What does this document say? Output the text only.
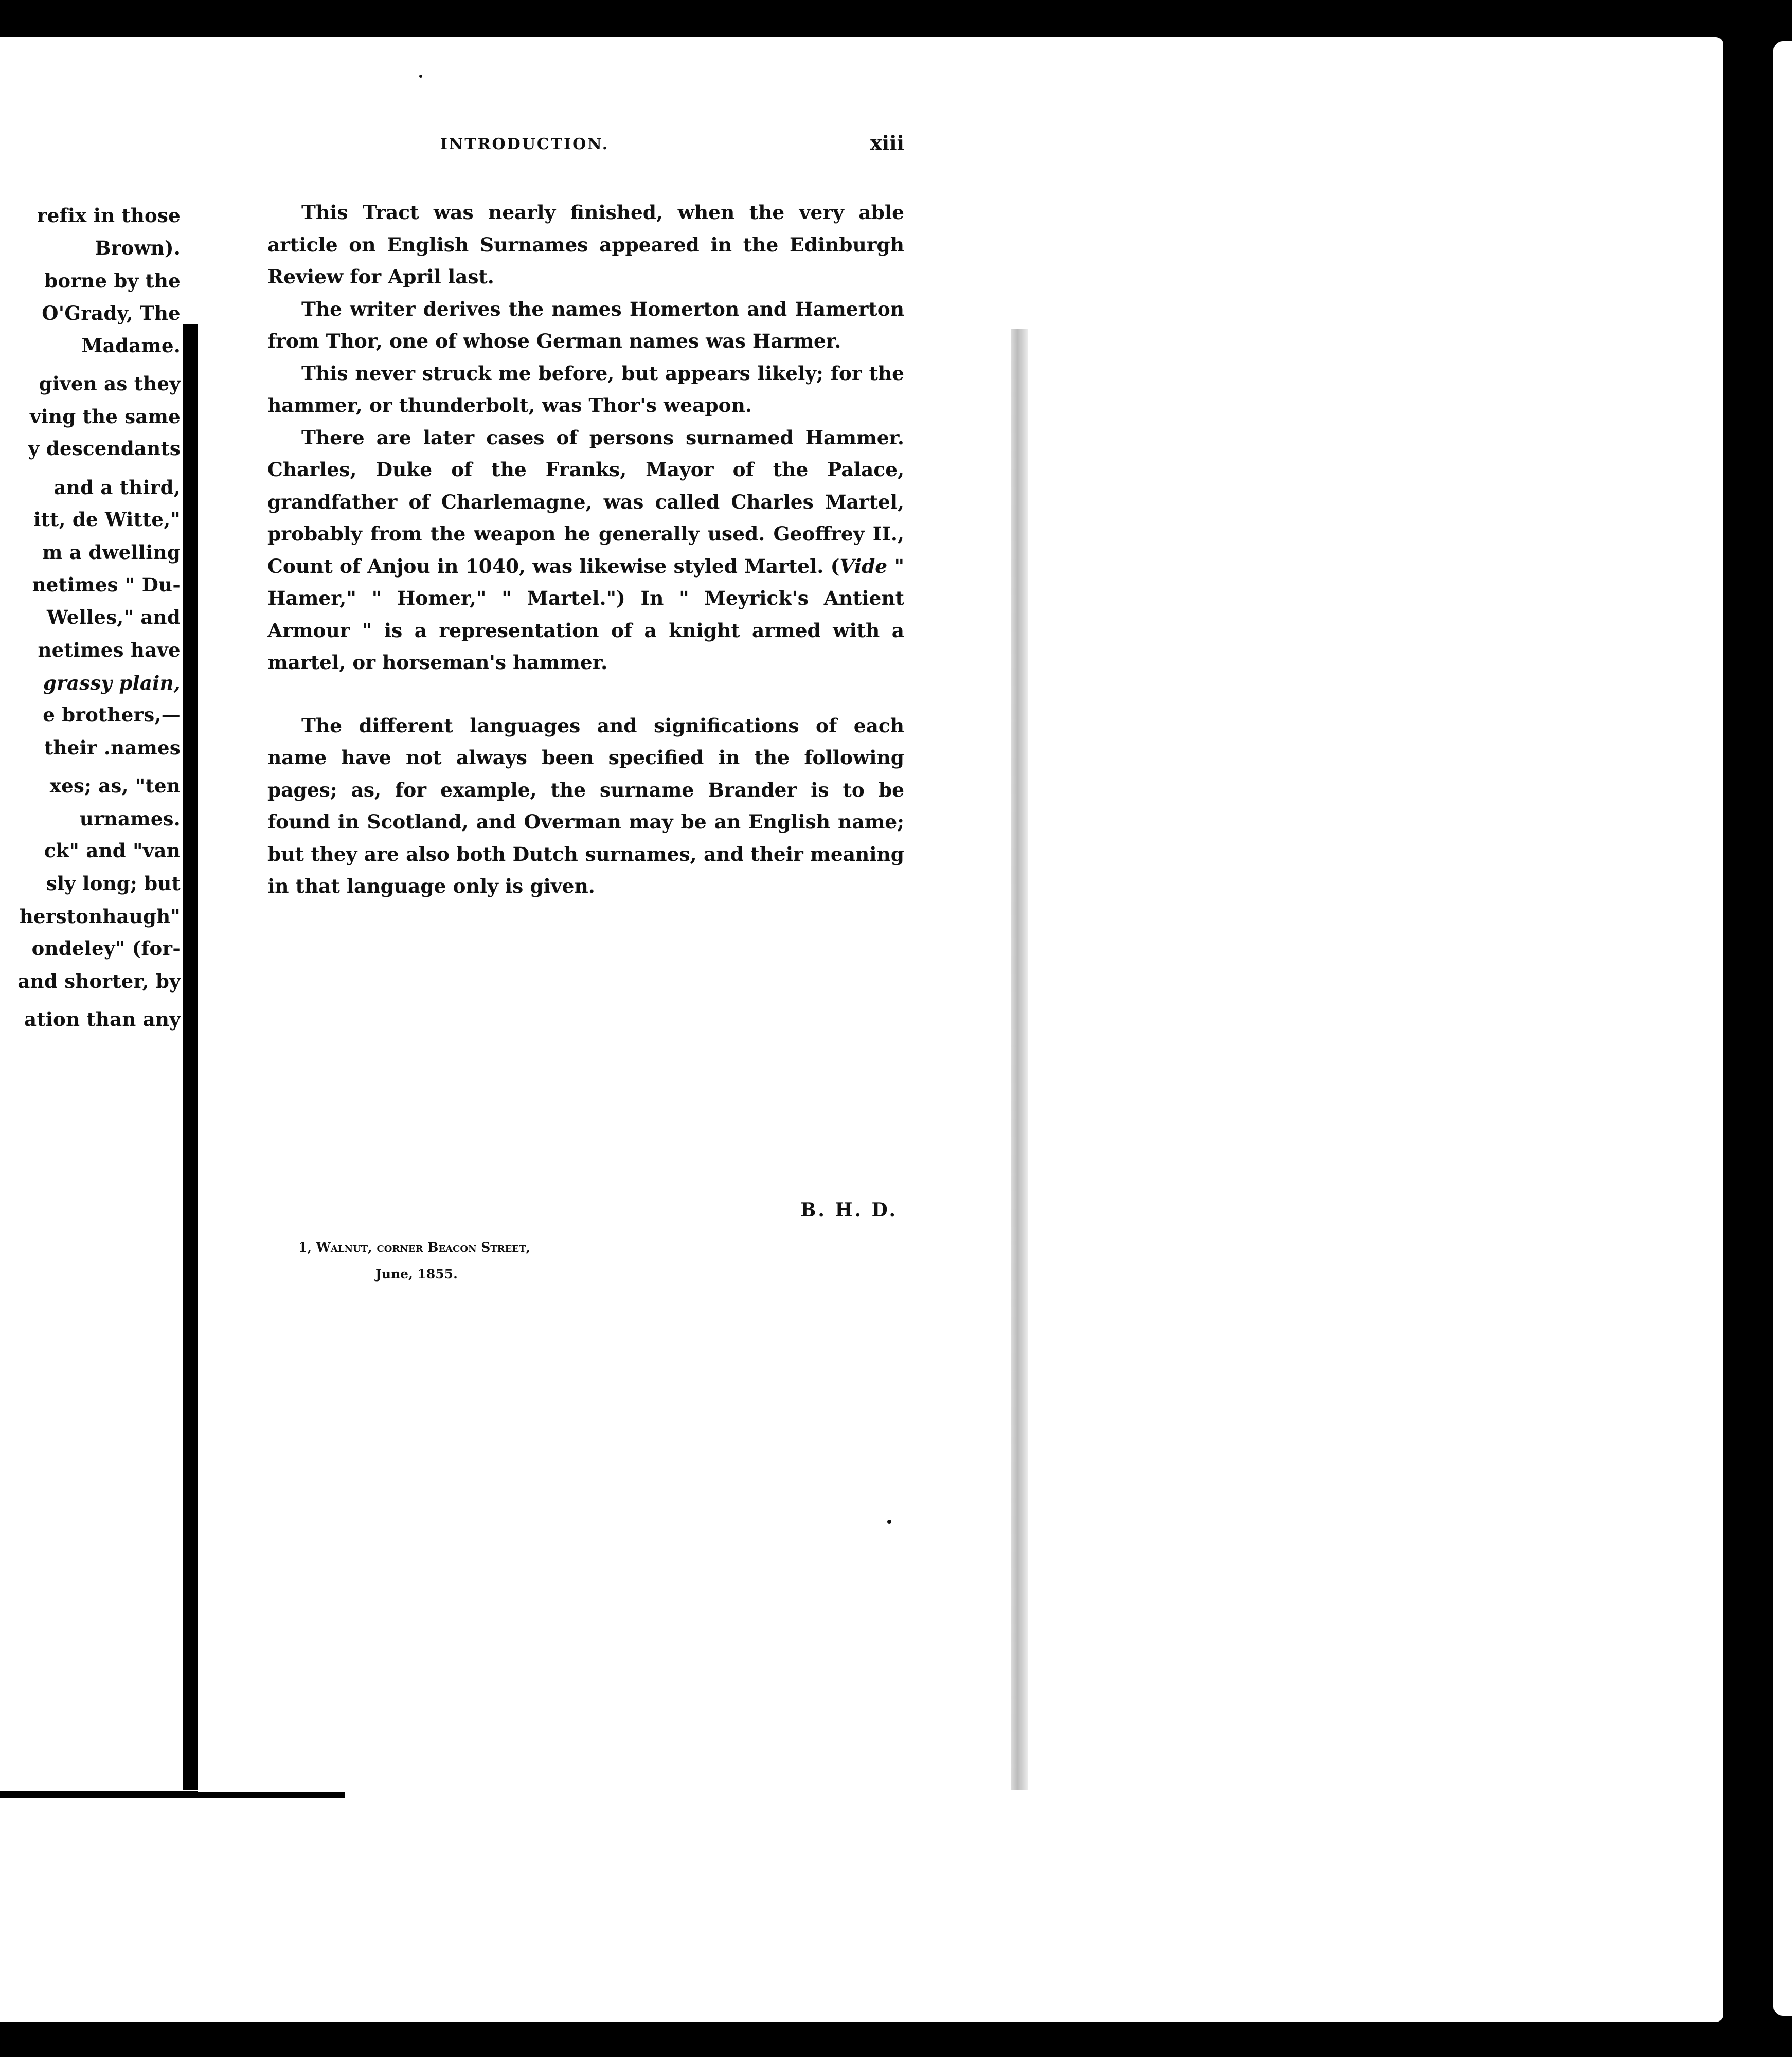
refix in those
Brown).
borne by the
O'Grady, The
Madame.
given as they
ving the same
y descendants
and a third,
itt, de Witte,"
m a dwelling
netimes " Du-
Welles," and
netimes have
grassy plain,
e brothers,—
their .names
xes; as, "ten
urnames.
ck" and "van
sly long; but
herstonhaugh"
ondeley" (for-
and shorter, by
ation than any
INTRODUCTION.	xiii

This Tract was nearly finished, when the very able article on English Surnames appeared in the Edinburgh Review for April last.

The writer derives the names Homerton and Hamerton from Thor, one of whose German names was Harmer.

This never struck me before, but appears likely; for the hammer, or thunderbolt, was Thor's weapon.

There are later cases of persons surnamed Hammer. Charles, Duke of the Franks, Mayor of the Palace, grandfather of Charlemagne, was called Charles Martel, probably from the weapon he generally used. Geoffrey II., Count of Anjou in 1040, was likewise styled Martel. (Vide " Hamer," " Homer," " Martel.") In " Meyrick's Antient Armour " is a representation of a knight armed with a martel, or horseman's hammer.

The different languages and significations of each name have not always been specified in the following pages; as, for example, the surname Brander is to be found in Scotland, and Overman may be an English name; but they are also both Dutch surnames, and their meaning in that language only is given.

B. H. D.
1, Walnut, corner Beacon Street,
June, 1855.
